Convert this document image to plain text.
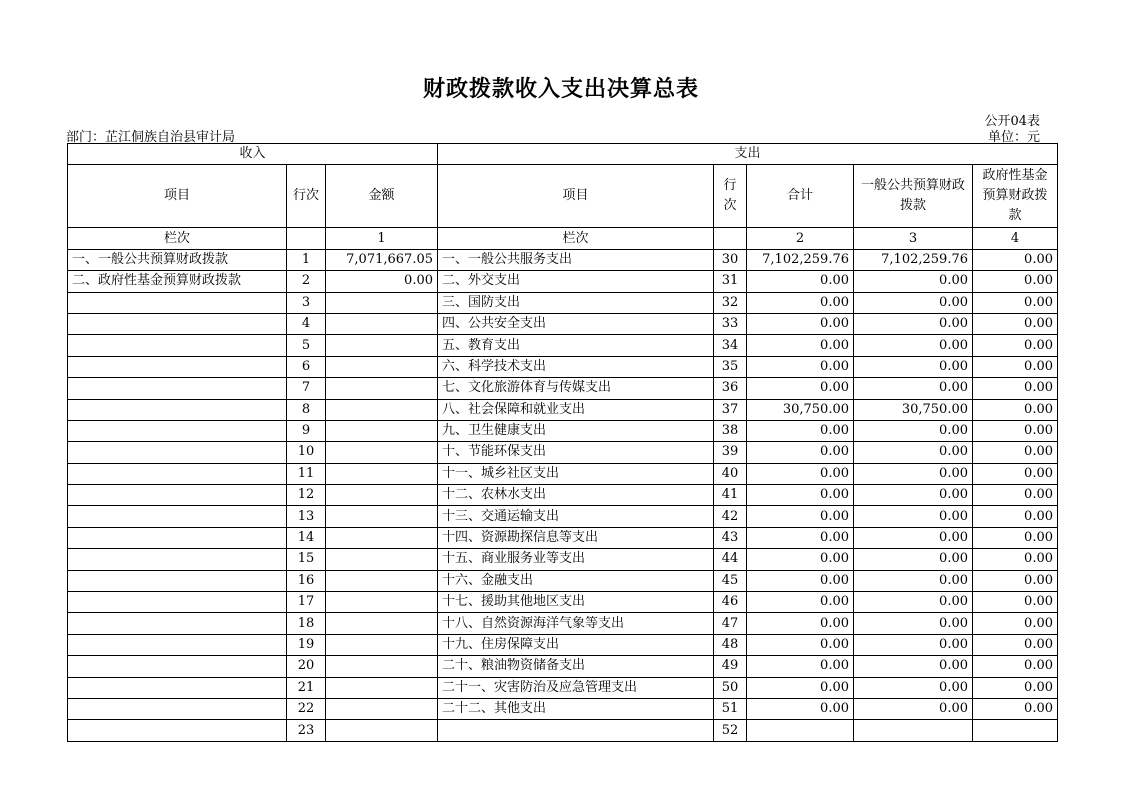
财政拨款收入支出决算总表
公开04表
部门：芷江侗族自治县审计局	单位：元
收入			支出				
项目	行次	金额	项目	行次	合计	一般公共预算财政拨款	政府性基金预算财政拨款
栏次		1	栏次		2	3	4
一、一般公共预算财政拨款	1	7,071,667.05	一、一般公共服务支出	30	7,102,259.76	7,102,259.76	0.00
二、政府性基金预算财政拨款	2	0.00	二、外交支出	31	0.00	0.00	0.00
	3		三、国防支出	32	0.00	0.00	0.00
	4		四、公共安全支出	33	0.00	0.00	0.00
	5		五、教育支出	34	0.00	0.00	0.00
	6		六、科学技术支出	35	0.00	0.00	0.00
	7		七、文化旅游体育与传媒支出	36	0.00	0.00	0.00
	8		八、社会保障和就业支出	37	30,750.00	30,750.00	0.00
	9		九、卫生健康支出	38	0.00	0.00	0.00
	10		十、节能环保支出	39	0.00	0.00	0.00
	11		十一、城乡社区支出	40	0.00	0.00	0.00
	12		十二、农林水支出	41	0.00	0.00	0.00
	13		十三、交通运输支出	42	0.00	0.00	0.00
	14		十四、资源勘探信息等支出	43	0.00	0.00	0.00
	15		十五、商业服务业等支出	44	0.00	0.00	0.00
	16		十六、金融支出	45	0.00	0.00	0.00
	17		十七、援助其他地区支出	46	0.00	0.00	0.00
	18		十八、自然资源海洋气象等支出	47	0.00	0.00	0.00
	19		十九、住房保障支出	48	0.00	0.00	0.00
	20		二十、粮油物资储备支出	49	0.00	0.00	0.00
	21		二十一、灾害防治及应急管理支出	50	0.00	0.00	0.00
	22		二十二、其他支出	51	0.00	0.00	0.00
	23			52			
